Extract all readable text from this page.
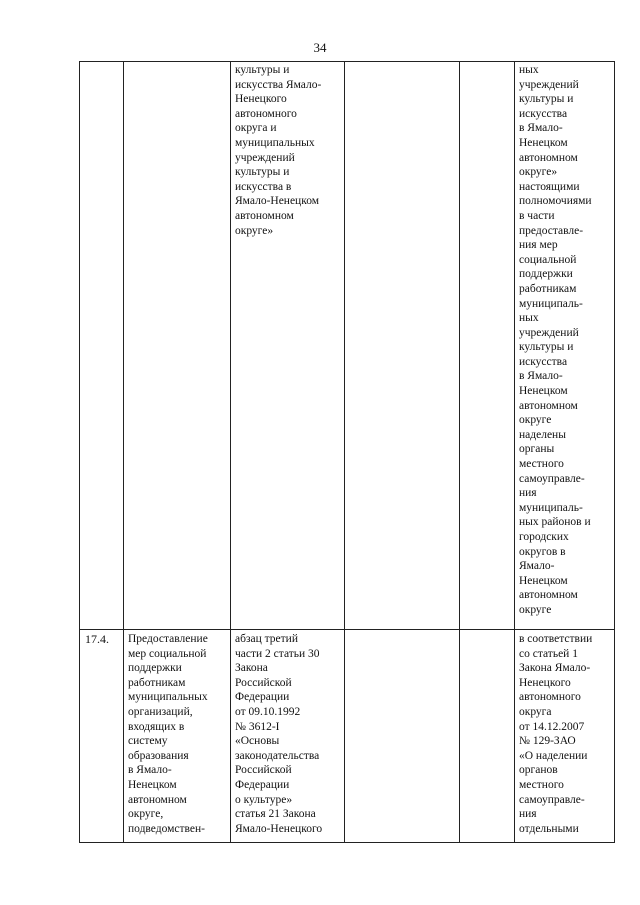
34
культуры и
искусства Ямало-
Ненецкого
автономного
округа и
муниципальных
учреждений
культуры и
искусства в
Ямало-Ненецком
автономном
округе»
ных
учреждений
культуры и
искусства
в Ямало-
Ненецком
автономном
округе»
настоящими
полномочиями
в части
предоставле-
ния мер
социальной
поддержки
работникам
муниципаль-
ных
учреждений
культуры и
искусства
в Ямало-
Ненецком
автономном
округе
наделены
органы
местного
самоуправле-
ния
муниципаль-
ных районов и
городских
округов в
Ямало-
Ненецком
автономном
округе
17.4. Предоставление
мер социальной
поддержки
работникам
муниципальных
организаций,
входящих в
систему
образования
в Ямало-
Ненецком
автономном
округе,
подведомствен-
абзац третий
части 2 статьи 30
Закона
Российской
Федерации
от 09.10.1992
№ 3612-I
«Основы
законодательства
Российской
Федерации
о культуре»
статья 21 Закона
Ямало-Ненецкого
в соответствии
со статьей 1
Закона Ямало-
Ненецкого
автономного
округа
от 14.12.2007
№ 129-ЗАО
«О наделении
органов
местного
самоуправле-
ния
отдельными
